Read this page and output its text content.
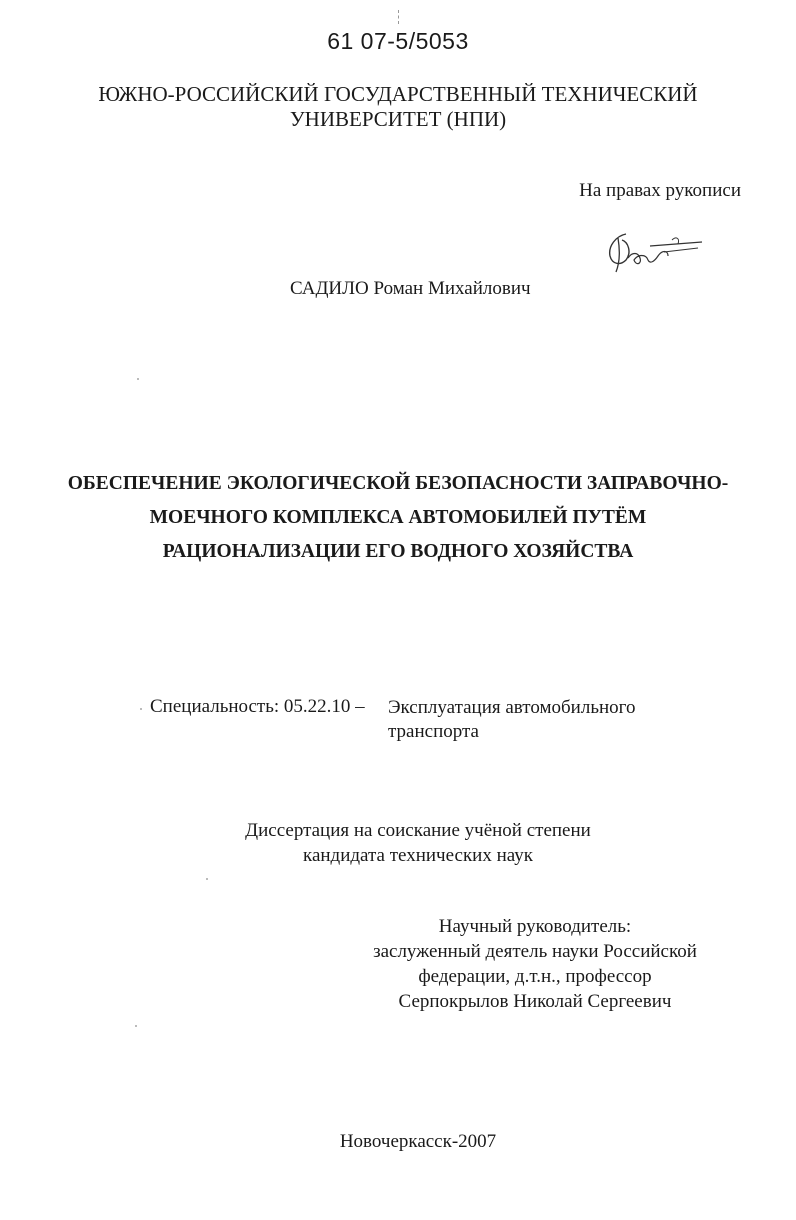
61 07-5/5053
ЮЖНО-РОССИЙСКИЙ ГОСУДАРСТВЕННЫЙ ТЕХНИЧЕСКИЙ
УНИВЕРСИТЕТ (НПИ)
На правах рукописи
САДИЛО Роман Михайлович
ОБЕСПЕЧЕНИЕ ЭКОЛОГИЧЕСКОЙ БЕЗОПАСНОСТИ ЗАПРАВОЧНО-
МОЕЧНОГО КОМПЛЕКСА АВТОМОБИЛЕЙ ПУТЁМ
РАЦИОНАЛИЗАЦИИ ЕГО ВОДНОГО ХОЗЯЙСТВА
Специальность: 05.22.10 – Эксплуатация автомобильного
транспорта
Диссертация на соискание учёной степени
кандидата технических наук
Научный руководитель:
заслуженный деятель науки Российской
федерации, д.т.н., профессор
Серпокрылов Николай Сергеевич
Новочеркасск-2007
